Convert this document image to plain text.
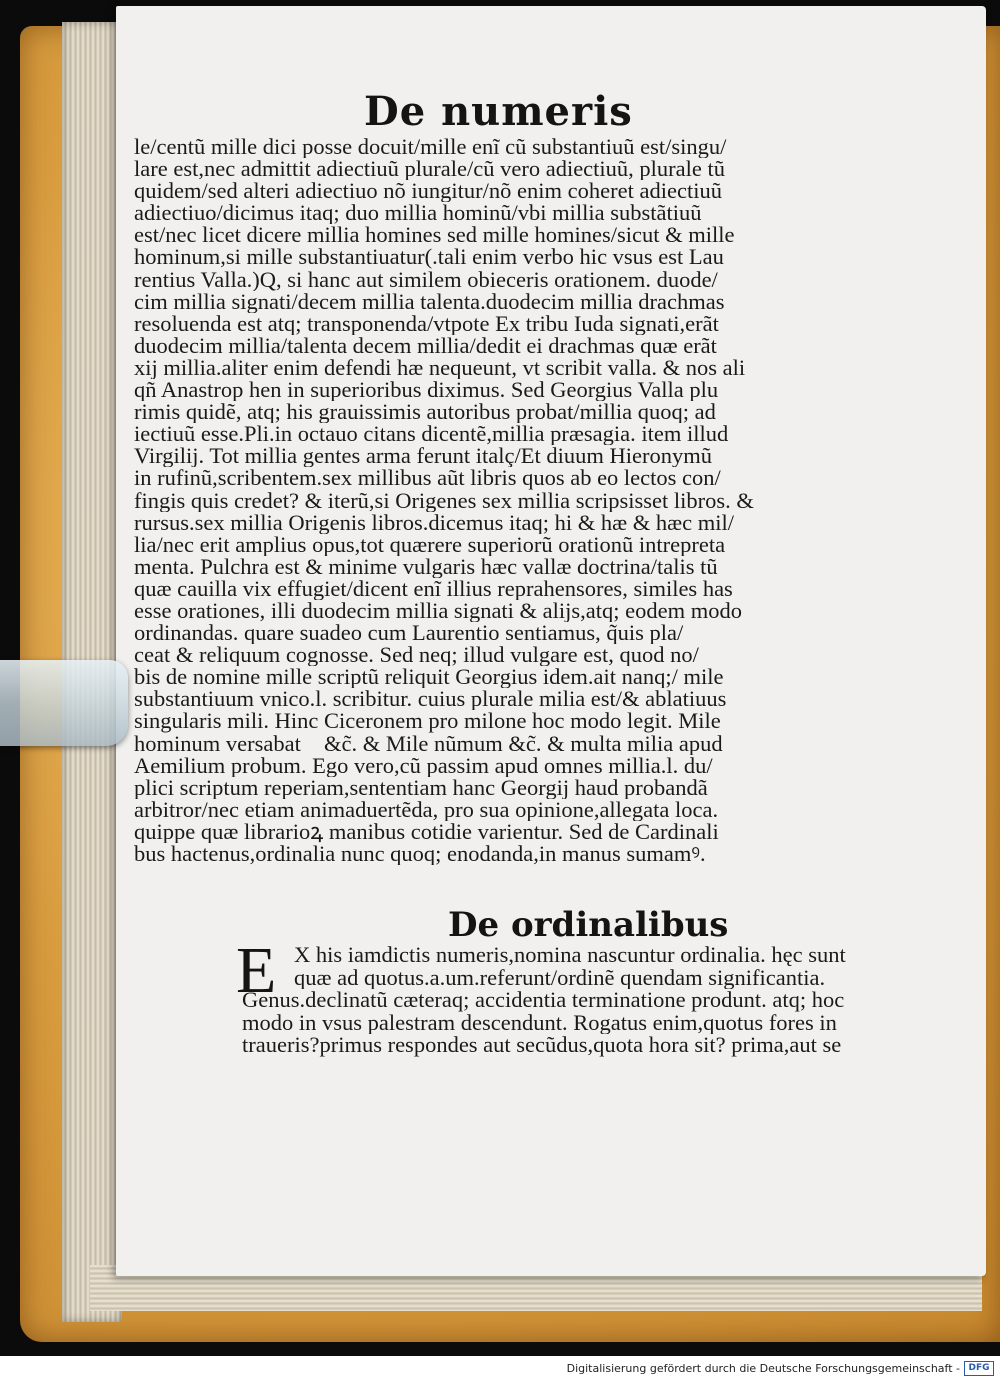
De numeris
le/centũ mille dici posse docuit/mille enĩ cũ substantiuũ est/singu/
lare est,nec admittit adiectiuũ plurale/cũ vero adiectiuũ, plurale tũ
quidem/sed alteri adiectiuo nõ iungitur/nõ enim coheret adiectiuũ
adiectiuo/dicimus itaq; duo millia hominũ/vbi millia substãtiuũ
est/nec licet dicere millia homines sed mille homines/sicut & mille
hominum,si mille substantiuatur(.tali enim verbo hic vsus est Lau
rentius Valla.)Q, si hanc aut similem obieceris orationem. duode/
cim millia signati/decem millia talenta.duodecim millia drachmas
resoluenda est atq; transponenda/vtpote Ex tribu Iuda signati,erãt
duodecim millia/talenta decem millia/dedit ei drachmas quæ erãt
xij millia.aliter enim defendi hæ nequeunt, vt scribit valla. & nos ali
qñ Anastrop hen in superioribus diximus. Sed Georgius Valla plu
rimis quidẽ, atq; his grauissimis autoribus probat/millia quoq; ad
iectiuũ esse.Pli.in octauo citans dicentẽ,millia præsagia. item illud
Virgilij. Tot millia gentes arma ferunt italç/Et diuum Hieronymũ
in rufinũ,scribentem.sex millibus aũt libris quos ab eo lectos con/
fingis quis credet? & iterũ,si Origenes sex millia scripsisset libros. &
rursus.sex millia Origenis libros.dicemus itaq; hi & hæ & hæc mil/
lia/nec erit amplius opus,tot quærere superiorũ orationũ intrepreta
menta. Pulchra est & minime vulgaris hæc vallæ doctrina/talis tũ
quæ cauilla vix effugiet/dicent enĩ illius reprahensores, similes has
esse orationes, illi duodecim millia signati & alijs,atq; eodem modo
ordinandas. quare suadeo cum Laurentio sentiamus, q̃uis pla/
ceat & reliquum cognosse. Sed neq; illud vulgare est, quod no/
bis de nomine mille scriptũ reliquit Georgius idem.ait nanq;/ mile
substantiuum vnico.l. scribitur. cuius plurale milia est/& ablatiuus
singularis mili. Hinc Ciceronem pro milone hoc modo legit. Mile
hominum versabatᷓ &c̃. & Mile nũmum &c̃. & multa milia apud
Aemilium probum. Ego vero,cũ passim apud omnes millia.l. du/
plici scriptum reperiam,sententiam hanc Georgij haud probandã
arbitror/nec etiam animaduertẽda, pro sua opinione,allegata loca.
quippe quæ librarioꝝ manibus cotidie varientur. Sed de Cardinali
bus hactenus,ordinalia nunc quoq; enodanda,in manus sumamꝰ.
De ordinalibus
E X his iamdictis numeris,nomina nascuntur ordinalia. hęc sunt
quæ ad quotus.a.um.referunt/ordinẽ quendam significantia.
Genus.declinatũ cæteraq; accidentia terminatione produnt. atq; hoc
modo in vsus palestram descendunt. Rogatus enim,quotus fores in
traueris?primus respondes aut secũdus,quota hora sit? prima,aut se
Digitalisierung gefördert durch die Deutsche Forschungsgemeinschaft - DFG
